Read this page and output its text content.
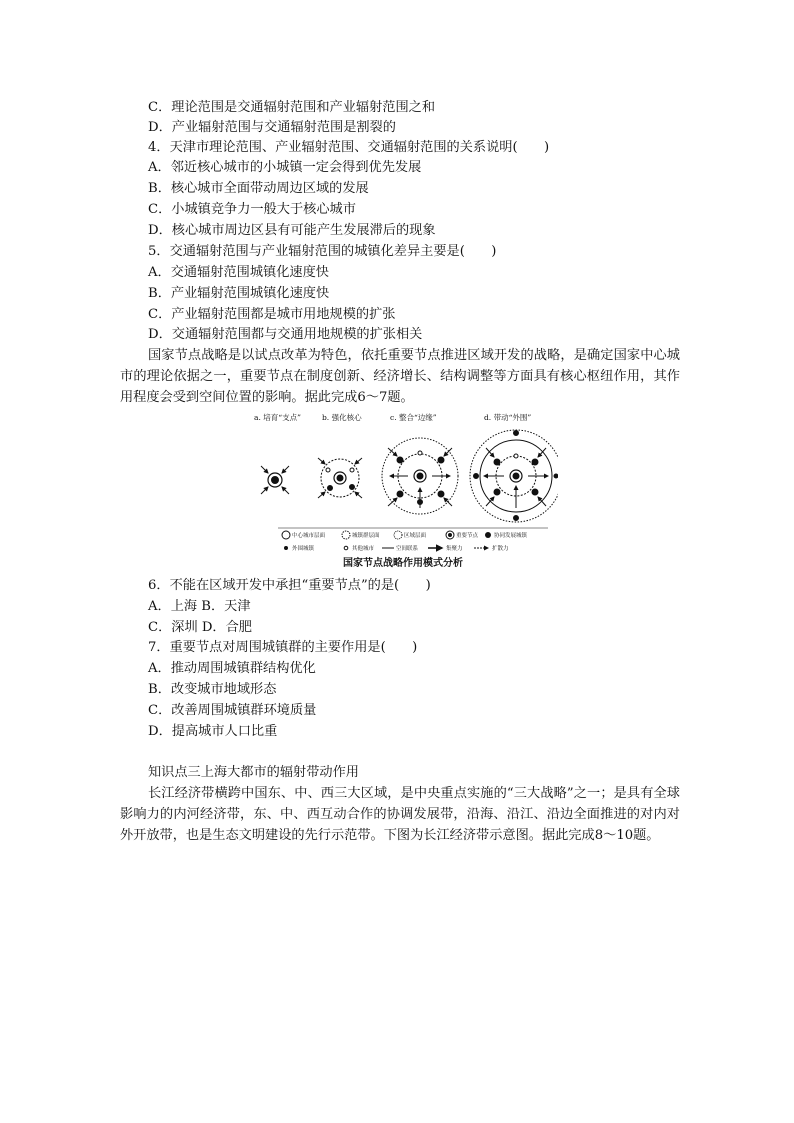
C．理论范围是交通辐射范围和产业辐射范围之和
D．产业辐射范围与交通辐射范围是割裂的
4．天津市理论范围、产业辐射范围、交通辐射范围的关系说明(　　)
A．邻近核心城市的小城镇一定会得到优先发展
B．核心城市全面带动周边区域的发展
C．小城镇竞争力一般大于核心城市
D．核心城市周边区县有可能产生发展滞后的现象
5．交通辐射范围与产业辐射范围的城镇化差异主要是(　　)
A．交通辐射范围城镇化速度快
B．产业辐射范围城镇化速度快
C．产业辐射范围都是城市用地规模的扩张
D．交通辐射范围都与交通用地规模的扩张相关

国家节点战略是以试点改革为特色，依托重要节点推进区域开发的战略，是确定国家中心城市的理论依据之一，重要节点在制度创新、经济增长、结构调整等方面具有核心枢纽作用，其作用程度会受到空间位置的影响。据此完成6～7题。

a. 培育“支点”	b. 强化核心	c. 整合“边缘”	d. 带动“外围”
中心城市层面	城镇群层面	区域层面	重要节点	协同发展城镇
外围城镇	其他城市	空间联系	集聚力	扩散力
国家节点战略作用模式分析
6．不能在区域开发中承担“重要节点”的是(　　)
A．上海 B．天津
C．深圳 D．合肥
7．重要节点对周围城镇群的主要作用是(　　)
A．推动周围城镇群结构优化
B．改变城市地域形态
C．改善周围城镇群环境质量
D．提高城市人口比重
知识点三上海大都市的辐射带动作用

长江经济带横跨中国东、中、西三大区域，是中央重点实施的“三大战略”之一；是具有全球影响力的内河经济带，东、中、西互动合作的协调发展带，沿海、沿江、沿边全面推进的对内对外开放带，也是生态文明建设的先行示范带。下图为长江经济带示意图。据此完成8～10题。
